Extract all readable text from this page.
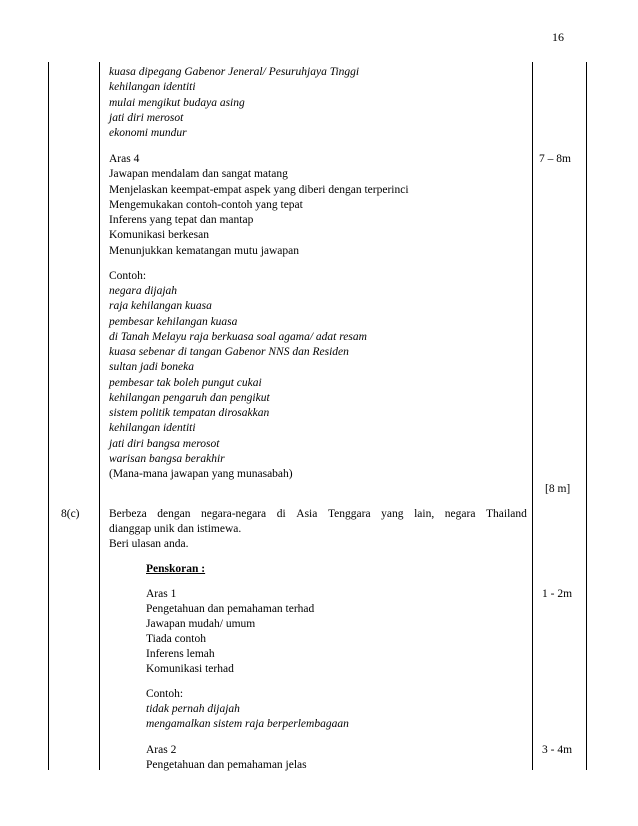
16
kuasa dipegang Gabenor Jeneral/ Pesuruhjaya Tinggi
kehilangan identiti
mulai mengikut budaya asing
jati diri merosot
ekonomi mundur
Aras 4	7 – 8m
Jawapan mendalam dan sangat matang
Menjelaskan keempat-empat aspek yang diberi dengan terperinci
Mengemukakan contoh-contoh yang tepat
Inferens yang tepat dan mantap
Komunikasi berkesan
Menunjukkan kematangan mutu jawapan
Contoh:
negara dijajah
raja kehilangan kuasa
pembesar kehilangan kuasa
di Tanah Melayu raja berkuasa soal agama/ adat resam
kuasa sebenar di tangan Gabenor NNS dan Residen
sultan jadi boneka
pembesar tak boleh pungut cukai
kehilangan pengaruh dan pengikut
sistem politik tempatan dirosakkan
kehilangan identiti
jati diri bangsa merosot
warisan bangsa berakhir
(Mana-mana jawapan yang munasabah)
[8 m]
8(c)	Berbeza dengan negara-negara di Asia Tenggara yang lain, negara Thailand
dianggap unik dan istimewa.
Beri ulasan anda.
Penskoran :
Aras 1	1 - 2m
Pengetahuan dan pemahaman terhad
Jawapan mudah/ umum
Tiada contoh
Inferens lemah
Komunikasi terhad
Contoh:
tidak pernah dijajah
mengamalkan sistem raja berperlembagaan
Aras 2	3 - 4m
Pengetahuan dan pemahaman jelas
